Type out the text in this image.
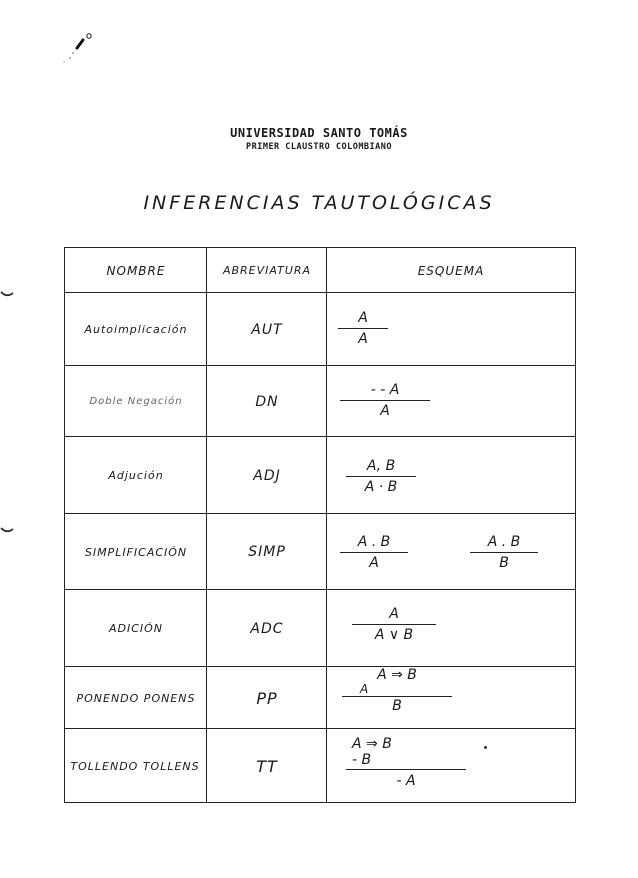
UNIVERSIDAD SANTO TOMÁS
PRIMER CLAUSTRO COLOMBIANO
INFERENCIAS TAUTOLÓGICAS
NOMBRE	ABREVIATURA	ESQUEMA
Autoimplicación	AUT
A
A
Doble Negación	DN
- - A
A
Adjución	ADJ
A, B
A · B
SIMPLIFICACIÓN	SIMP
A . B
A
A . B
B
ADICIÓN	ADC
A
A ∨ B
PONENDO PONENS	PP
A ⇒ B
A
B
TOLLENDO TOLLENS	TT
A ⇒ B
- B
- A
